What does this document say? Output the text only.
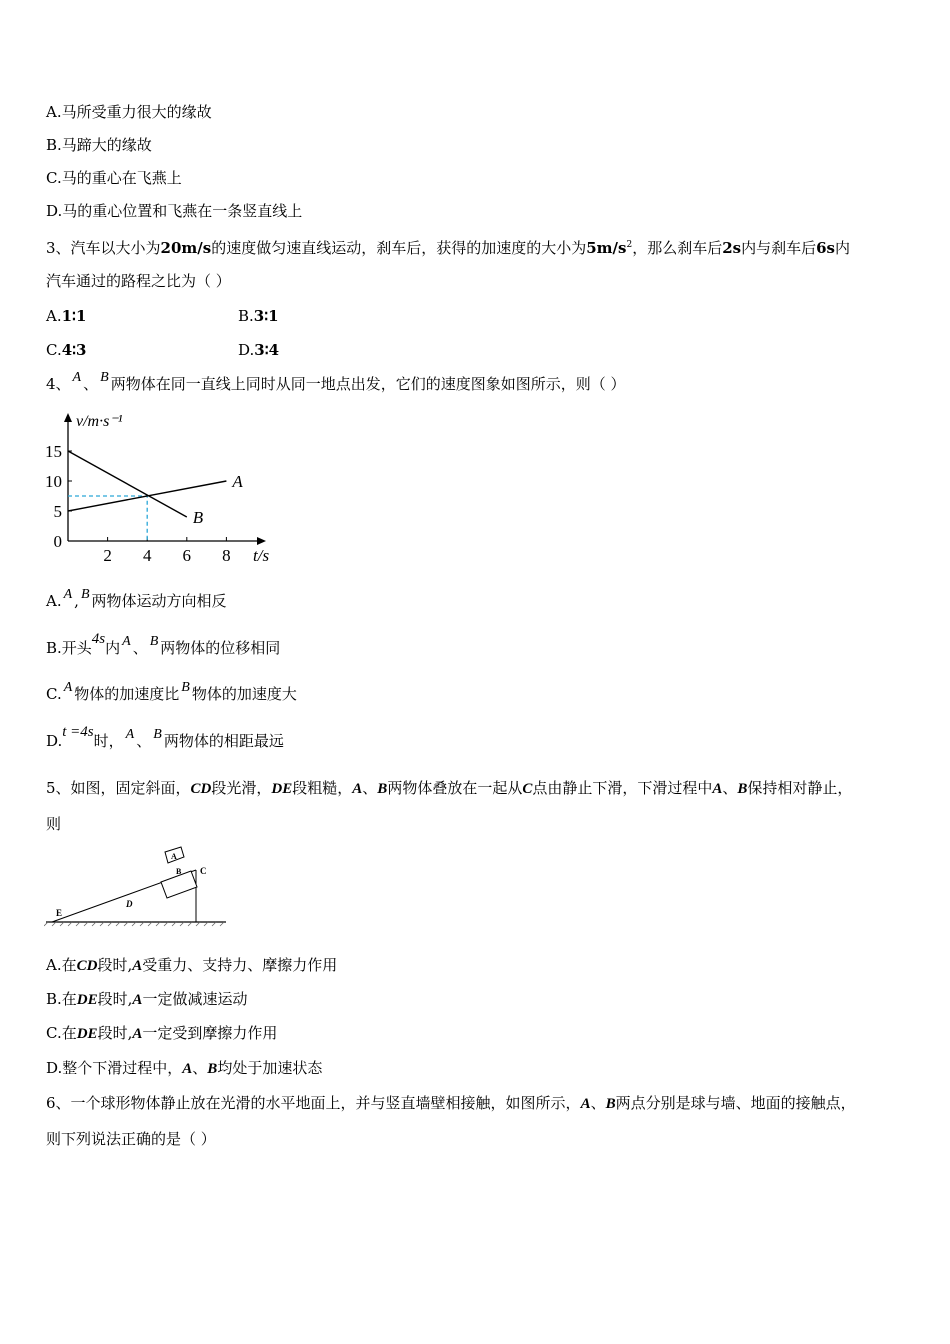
A.马所受重力很大的缘故
B.马蹄大的缘故
C.马的重心在飞燕上
D.马的重心位置和飞燕在一条竖直线上
3、汽车以大小为20m/s的速度做匀速直线运动，刹车后，获得的加速度的大小为$5m/s^2$，那么刹车后2s内与刹车后6s内
汽车通过的路程之比为（ ）
A.1∶1	B.3∶1
C.4∶3	D.3∶4
4、 A 、 B 两物体在同一直线上同时从同一地点出发，它们的速度图象如图所示，则（ ）
0
5
10
15
2 4 6 8
v/m·s⁻¹
t/s
A
B
A. A , B 两物体运动方向相反
B.开头4s内 A 、 B 两物体的位移相同
C. A 物体的加速度比 B 物体的加速度大
D.t =4s时， A 、 B 两物体的相距最远
5、如图，固定斜面，CD段光滑，DE段粗糙，A、B两物体叠放在一起从C点由静止下滑，下滑过程中A、B保持相对静止，
则
A
B C
D
E
A.在CD段时,A受重力、支持力、摩擦力作用
B.在DE段时,A一定做减速运动
C.在DE段时,A一定受到摩擦力作用
D.整个下滑过程中，A、B均处于加速状态
6、一个球形物体静止放在光滑的水平地面上，并与竖直墙壁相接触，如图所示，A、B两点分别是球与墙、地面的接触点，
则下列说法正确的是（ ）
